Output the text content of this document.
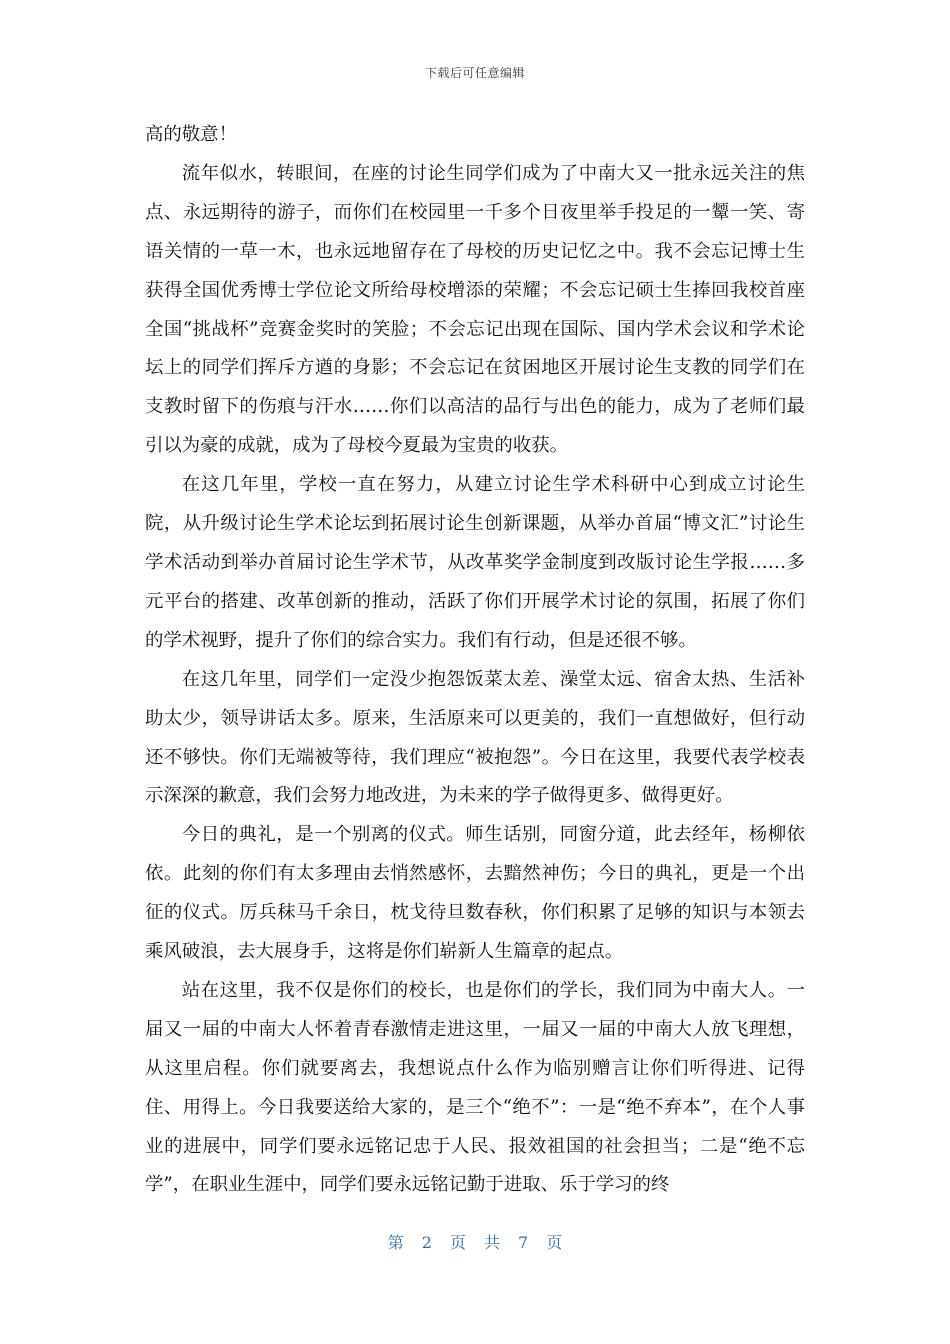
下载后可任意编辑

高的敬意！

流年似水，转眼间，在座的讨论生同学们成为了中南大又一批永远关注的焦点、永远期待的游子，而你们在校园里一千多个日夜里举手投足的一颦一笑、寄语关情的一草一木，也永远地留存在了母校的历史记忆之中。我不会忘记博士生获得全国优秀博士学位论文所给母校增添的荣耀；不会忘记硕士生捧回我校首座全国“挑战杯”竞赛金奖时的笑脸；不会忘记出现在国际、国内学术会议和学术论坛上的同学们挥斥方遒的身影；不会忘记在贫困地区开展讨论生支教的同学们在支教时留下的伤痕与汗水……你们以高洁的品行与出色的能力，成为了老师们最引以为豪的成就，成为了母校今夏最为宝贵的收获。

在这几年里，学校一直在努力，从建立讨论生学术科研中心到成立讨论生院，从升级讨论生学术论坛到拓展讨论生创新课题，从举办首届“博文汇”讨论生学术活动到举办首届讨论生学术节，从改革奖学金制度到改版讨论生学报……多元平台的搭建、改革创新的推动，活跃了你们开展学术讨论的氛围，拓展了你们的学术视野，提升了你们的综合实力。我们有行动，但是还很不够。

在这几年里，同学们一定没少抱怨饭菜太差、澡堂太远、宿舍太热、生活补助太少，领导讲话太多。原来，生活原来可以更美的，我们一直想做好，但行动还不够快。你们无端被等待，我们理应“被抱怨”。今日在这里，我要代表学校表示深深的歉意，我们会努力地改进，为未来的学子做得更多、做得更好。

今日的典礼，是一个别离的仪式。师生话别，同窗分道，此去经年，杨柳依依。此刻的你们有太多理由去悄然感怀，去黯然神伤；今日的典礼，更是一个出征的仪式。厉兵秣马千余日，枕戈待旦数春秋，你们积累了足够的知识与本领去乘风破浪，去大展身手，这将是你们崭新人生篇章的起点。

站在这里，我不仅是你们的校长，也是你们的学长，我们同为中南大人。一届又一届的中南大人怀着青春激情走进这里，一届又一届的中南大人放飞理想，从这里启程。你们就要离去，我想说点什么作为临别赠言让你们听得进、记得住、用得上。今日我要送给大家的，是三个“绝不”：一是“绝不弃本”，在个人事业的进展中，同学们要永远铭记忠于人民、报效祖国的社会担当；二是“绝不忘学”，在职业生涯中，同学们要永远铭记勤于进取、乐于学习的终

第 2 页 共 7 页
